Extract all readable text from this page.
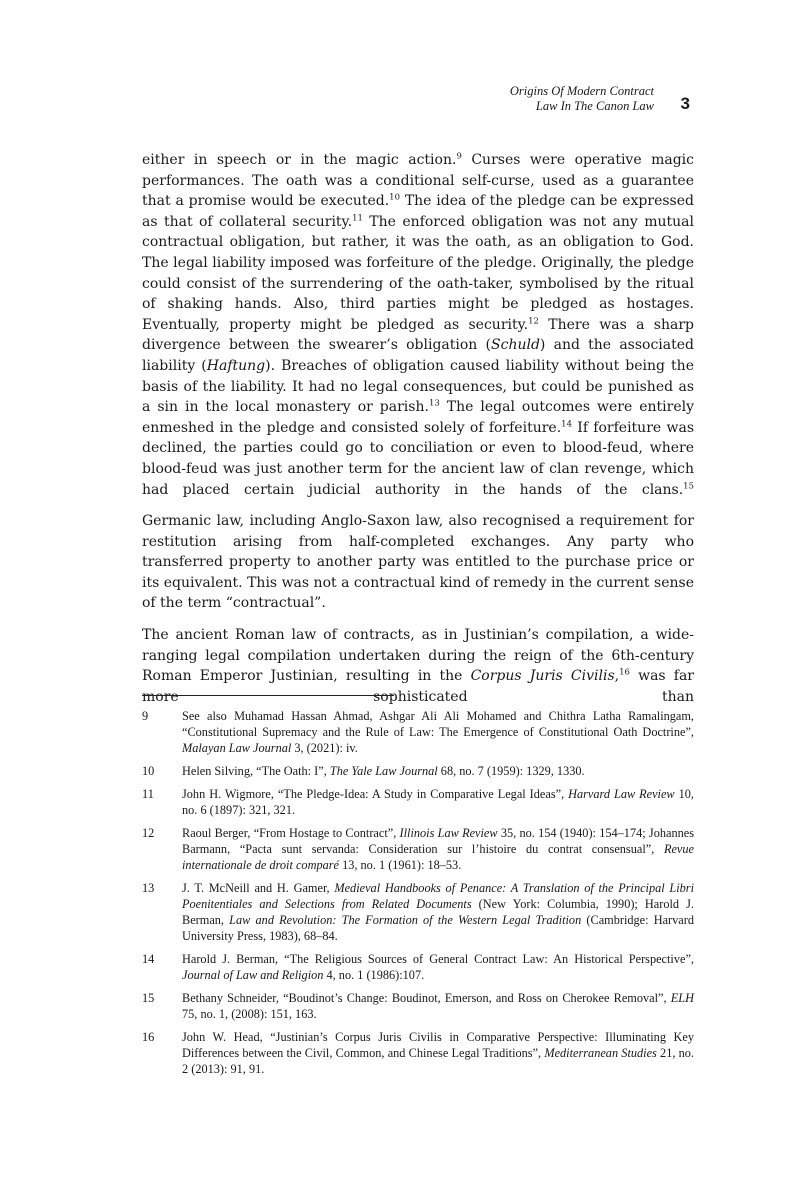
Origins Of Modern Contract
Law In The Canon Law 3

either in speech or in the magic action.$^9$ Curses were operative magic performances. The oath was a conditional self-curse, used as a guarantee that a promise would be executed.$^{10}$ The idea of the pledge can be expressed as that of collateral security.$^{11}$ The enforced obligation was not any mutual contractual obligation, but rather, it was the oath, as an obligation to God. The legal liability imposed was forfeiture of the pledge. Originally, the pledge could consist of the surrendering of the oath-taker, symbolised by the ritual of shaking hands. Also, third parties might be pledged as hostages. Eventually, property might be pledged as security.$^{12}$ There was a sharp divergence between the swearer’s obligation (Schuld) and the associated liability (Haftung). Breaches of obligation caused liability without being the basis of the liability. It had no legal consequences, but could be punished as a sin in the local monastery or parish.$^{13}$ The legal outcomes were entirely enmeshed in the pledge and consisted solely of forfeiture.$^{14}$ If forfeiture was declined, the parties could go to conciliation or even to blood-feud, where blood-feud was just another term for the ancient law of clan revenge, which had placed certain judicial authority in the hands of the clans.$^{15}$

Germanic law, including Anglo-Saxon law, also recognised a requirement for restitution arising from half-completed exchanges. Any party who transferred property to another party was entitled to the purchase price or its equivalent. This was not a contractual kind of remedy in the current sense of the term “contractual”.

The ancient Roman law of contracts, as in Justinian’s compilation, a wide-ranging legal compilation undertaken during the reign of the 6th-century Roman Emperor Justinian, resulting in the Corpus Juris Civilis,$^{16}$ was far more sophisticated than

9	See also Muhamad Hassan Ahmad, Ashgar Ali Ali Mohamed and Chithra Latha Ramalingam, “Constitutional Supremacy and the Rule of Law: The Emergence of Constitutional Oath Doctrine”, Malayan Law Journal 3, (2021): iv.
10	Helen Silving, “The Oath: I”, The Yale Law Journal 68, no. 7 (1959): 1329, 1330.
11	John H. Wigmore, “The Pledge-Idea: A Study in Comparative Legal Ideas”, Harvard Law Review 10, no. 6 (1897): 321, 321.
12	Raoul Berger, “From Hostage to Contract”, Illinois Law Review 35, no. 154 (1940): 154–174; Johannes Barmann, “Pacta sunt servanda: Consideration sur l’histoire du contrat consensual”, Revue internationale de droit comparé 13, no. 1 (1961): 18–53.
13	J. T. McNeill and H. Gamer, Medieval Handbooks of Penance: A Translation of the Principal Libri Poenitentiales and Selections from Related Documents (New York: Columbia, 1990); Harold J. Berman, Law and Revolution: The Formation of the Western Legal Tradition (Cambridge: Harvard University Press, 1983), 68–84.
14	Harold J. Berman, “The Religious Sources of General Contract Law: An Historical Perspective”, Journal of Law and Religion 4, no. 1 (1986):107.
15	Bethany Schneider, “Boudinot’s Change: Boudinot, Emerson, and Ross on Cherokee Removal”, ELH 75, no. 1, (2008): 151, 163.
16	John W. Head, “Justinian’s Corpus Juris Civilis in Comparative Perspective: Illuminating Key Differences between the Civil, Common, and Chinese Legal Traditions”, Mediterranean Studies 21, no. 2 (2013): 91, 91.
